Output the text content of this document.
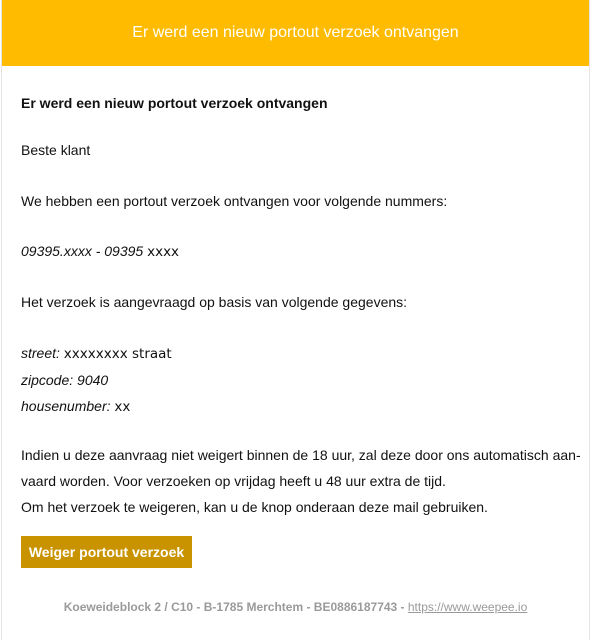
Er werd een nieuw portout verzoek ontvangen
Er werd een nieuw portout verzoek ontvangen
Beste klant
We hebben een portout verzoek ontvangen voor volgende nummers:
09395.xxxx - 09395 xxxx
Het verzoek is aangevraagd op basis van volgende gegevens:
street: xxxxxxxx straat
zipcode: 9040
housenumber: xx
Indien u deze aanvraag niet weigert binnen de 18 uur, zal deze door ons automatisch aan-vaard worden. Voor verzoeken op vrijdag heeft u 48 uur extra de tijd.
Om het verzoek te weigeren, kan u de knop onderaan deze mail gebruiken.
Weiger portout verzoek
Koeweideblock 2 / C10 - B-1785 Merchtem - BE0886187743 - https://www.weepee.io
